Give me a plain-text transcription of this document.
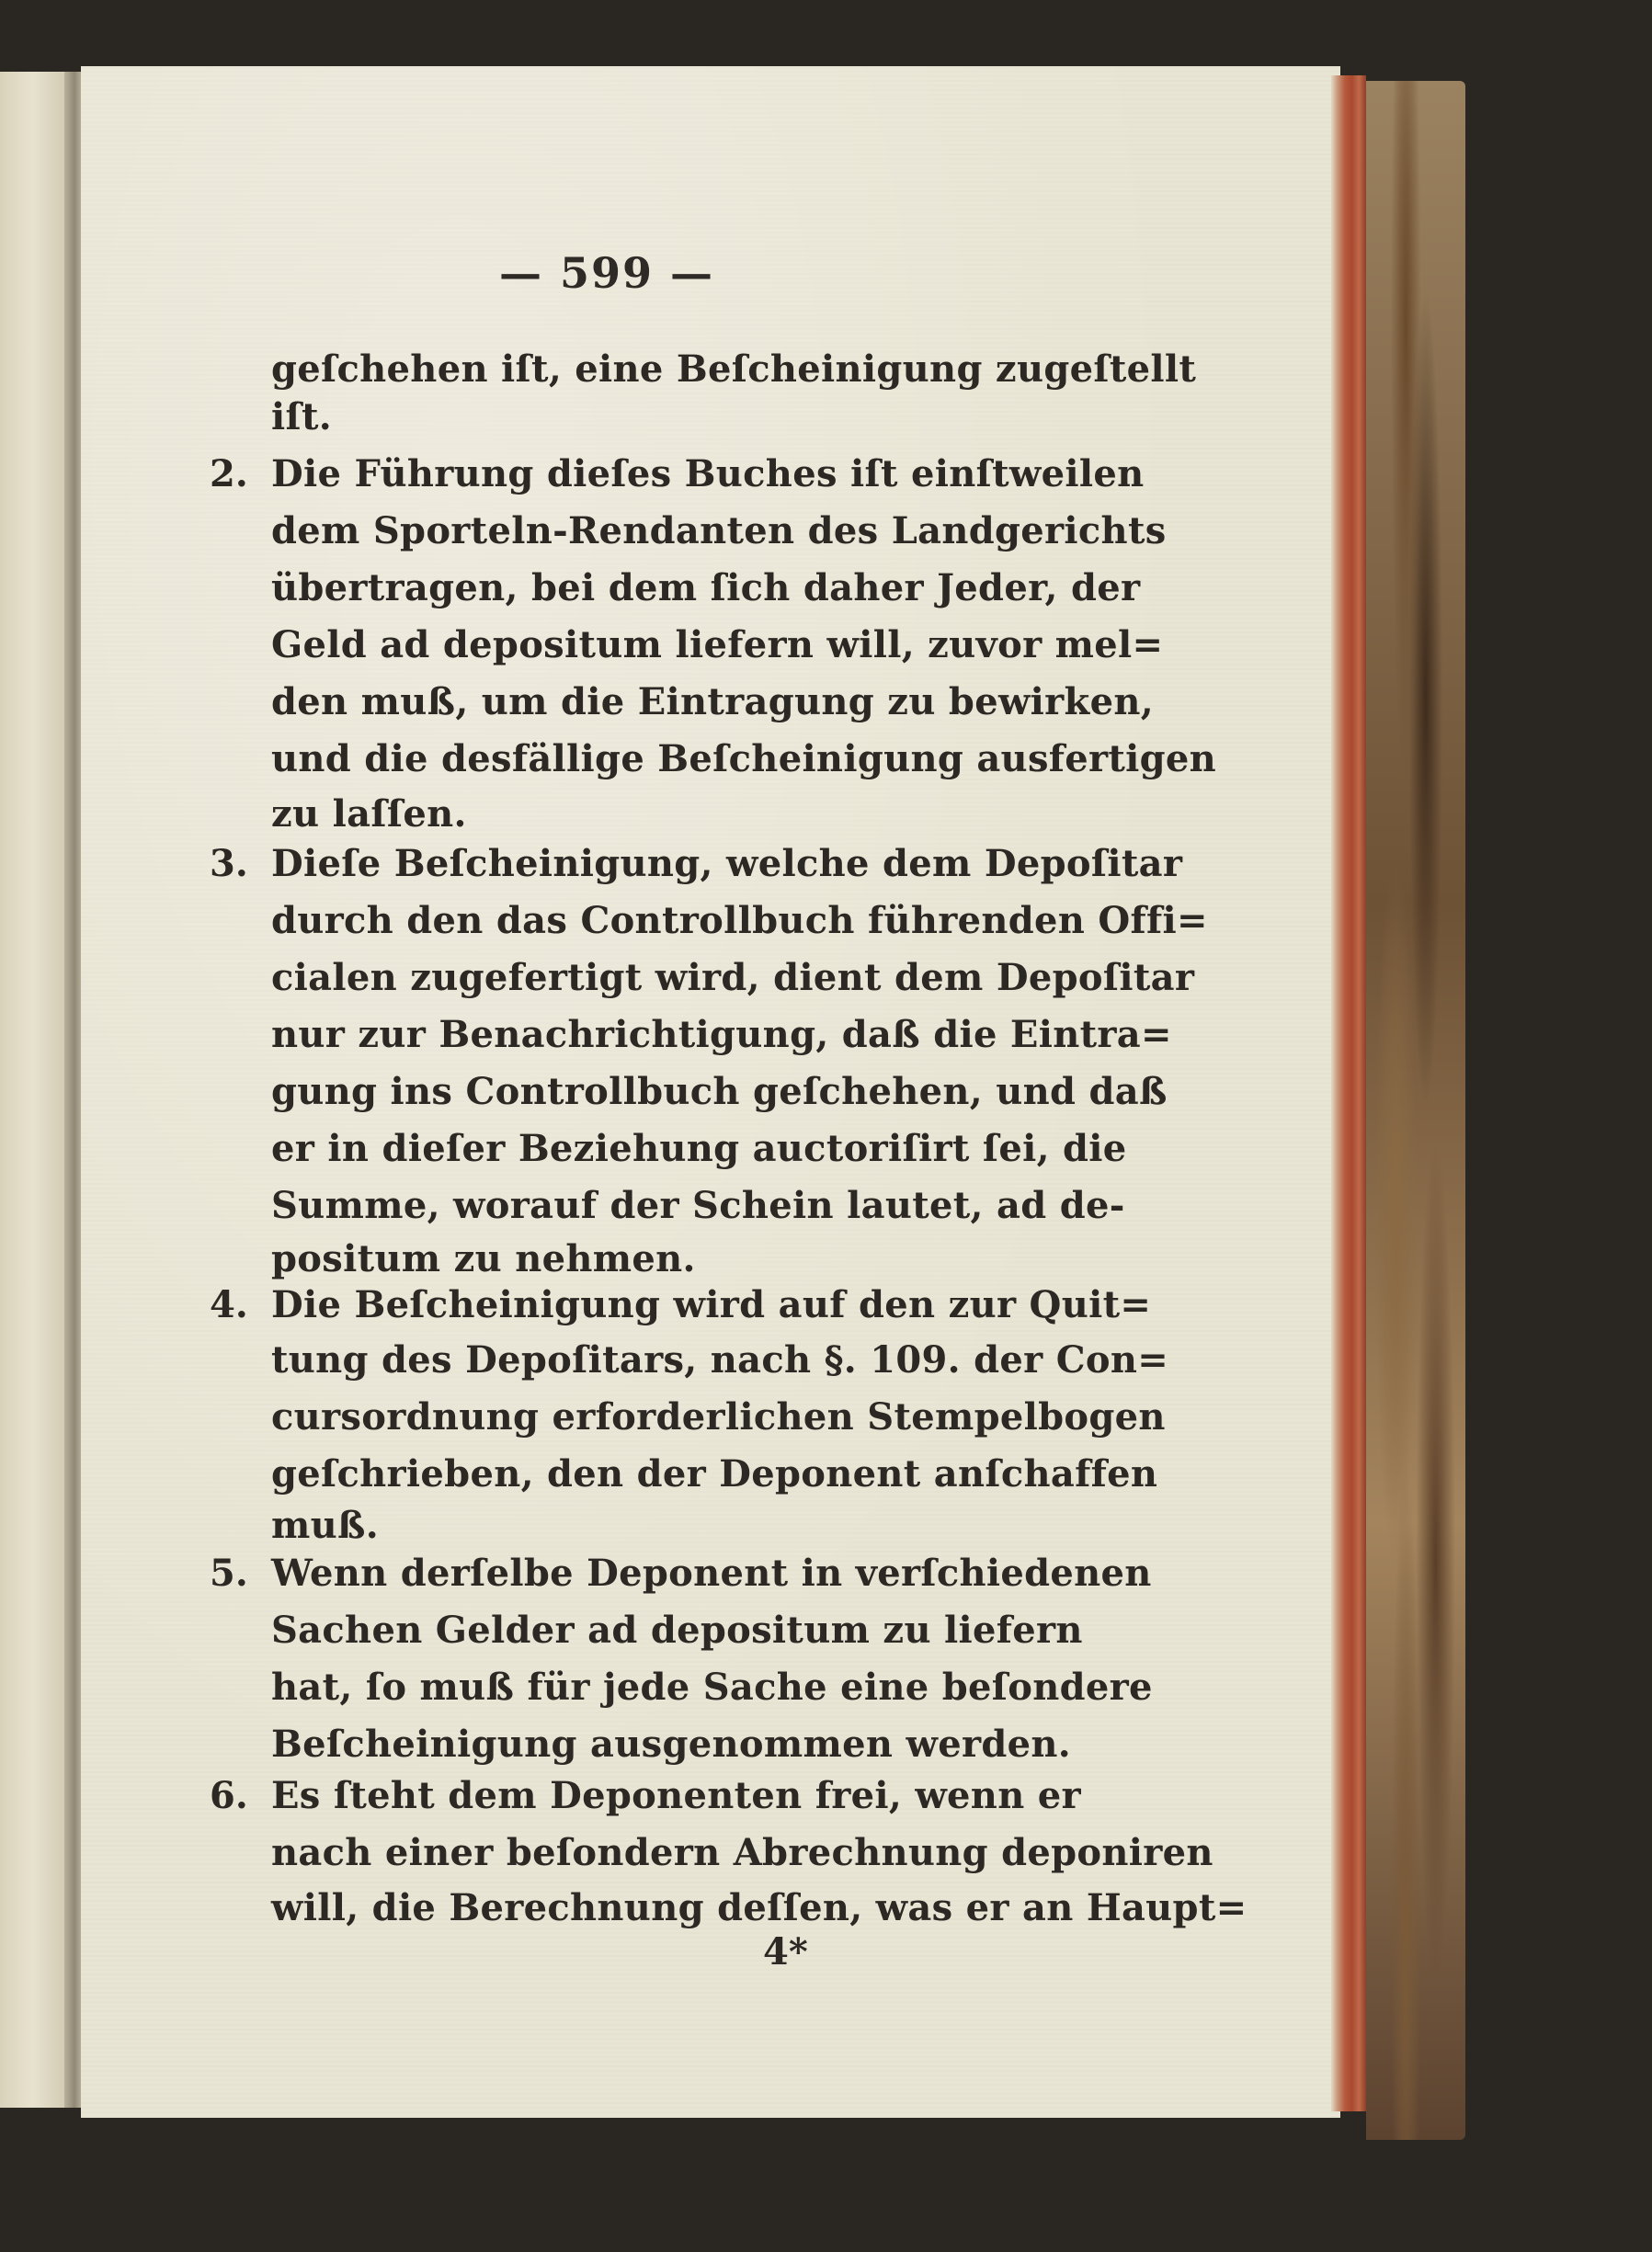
— 599 —
geſchehen iſt, eine Beſcheinigung zugeſtellt
iſt.
2. Die Führung dieſes Buches iſt einſtweilen
dem Sporteln-Rendanten des Landgerichts
übertragen, bei dem ſich daher Jeder, der
Geld ad depositum liefern will, zuvor mel=
den muß, um die Eintragung zu bewirken,
und die desfällige Beſcheinigung ausfertigen
zu laſſen.
3. Dieſe Beſcheinigung, welche dem Depoſitar
durch den das Controllbuch führenden Offi=
cialen zugefertigt wird, dient dem Depoſitar
nur zur Benachrichtigung, daß die Eintra=
gung ins Controllbuch geſchehen, und daß
er in dieſer Beziehung auctoriſirt ſei, die
Summe, worauf der Schein lautet, ad de-
positum zu nehmen.
4. Die Beſcheinigung wird auf den zur Quit=
tung des Depoſitars, nach §. 109. der Con=
cursordnung erforderlichen Stempelbogen
geſchrieben, den der Deponent anſchaffen
muß.
5. Wenn derſelbe Deponent in verſchiedenen
Sachen Gelder ad depositum zu liefern
hat, ſo muß für jede Sache eine beſondere
Beſcheinigung ausgenommen werden.
6. Es ſteht dem Deponenten frei, wenn er
nach einer beſondern Abrechnung deponiren
will, die Berechnung deſſen, was er an Haupt=
4*
